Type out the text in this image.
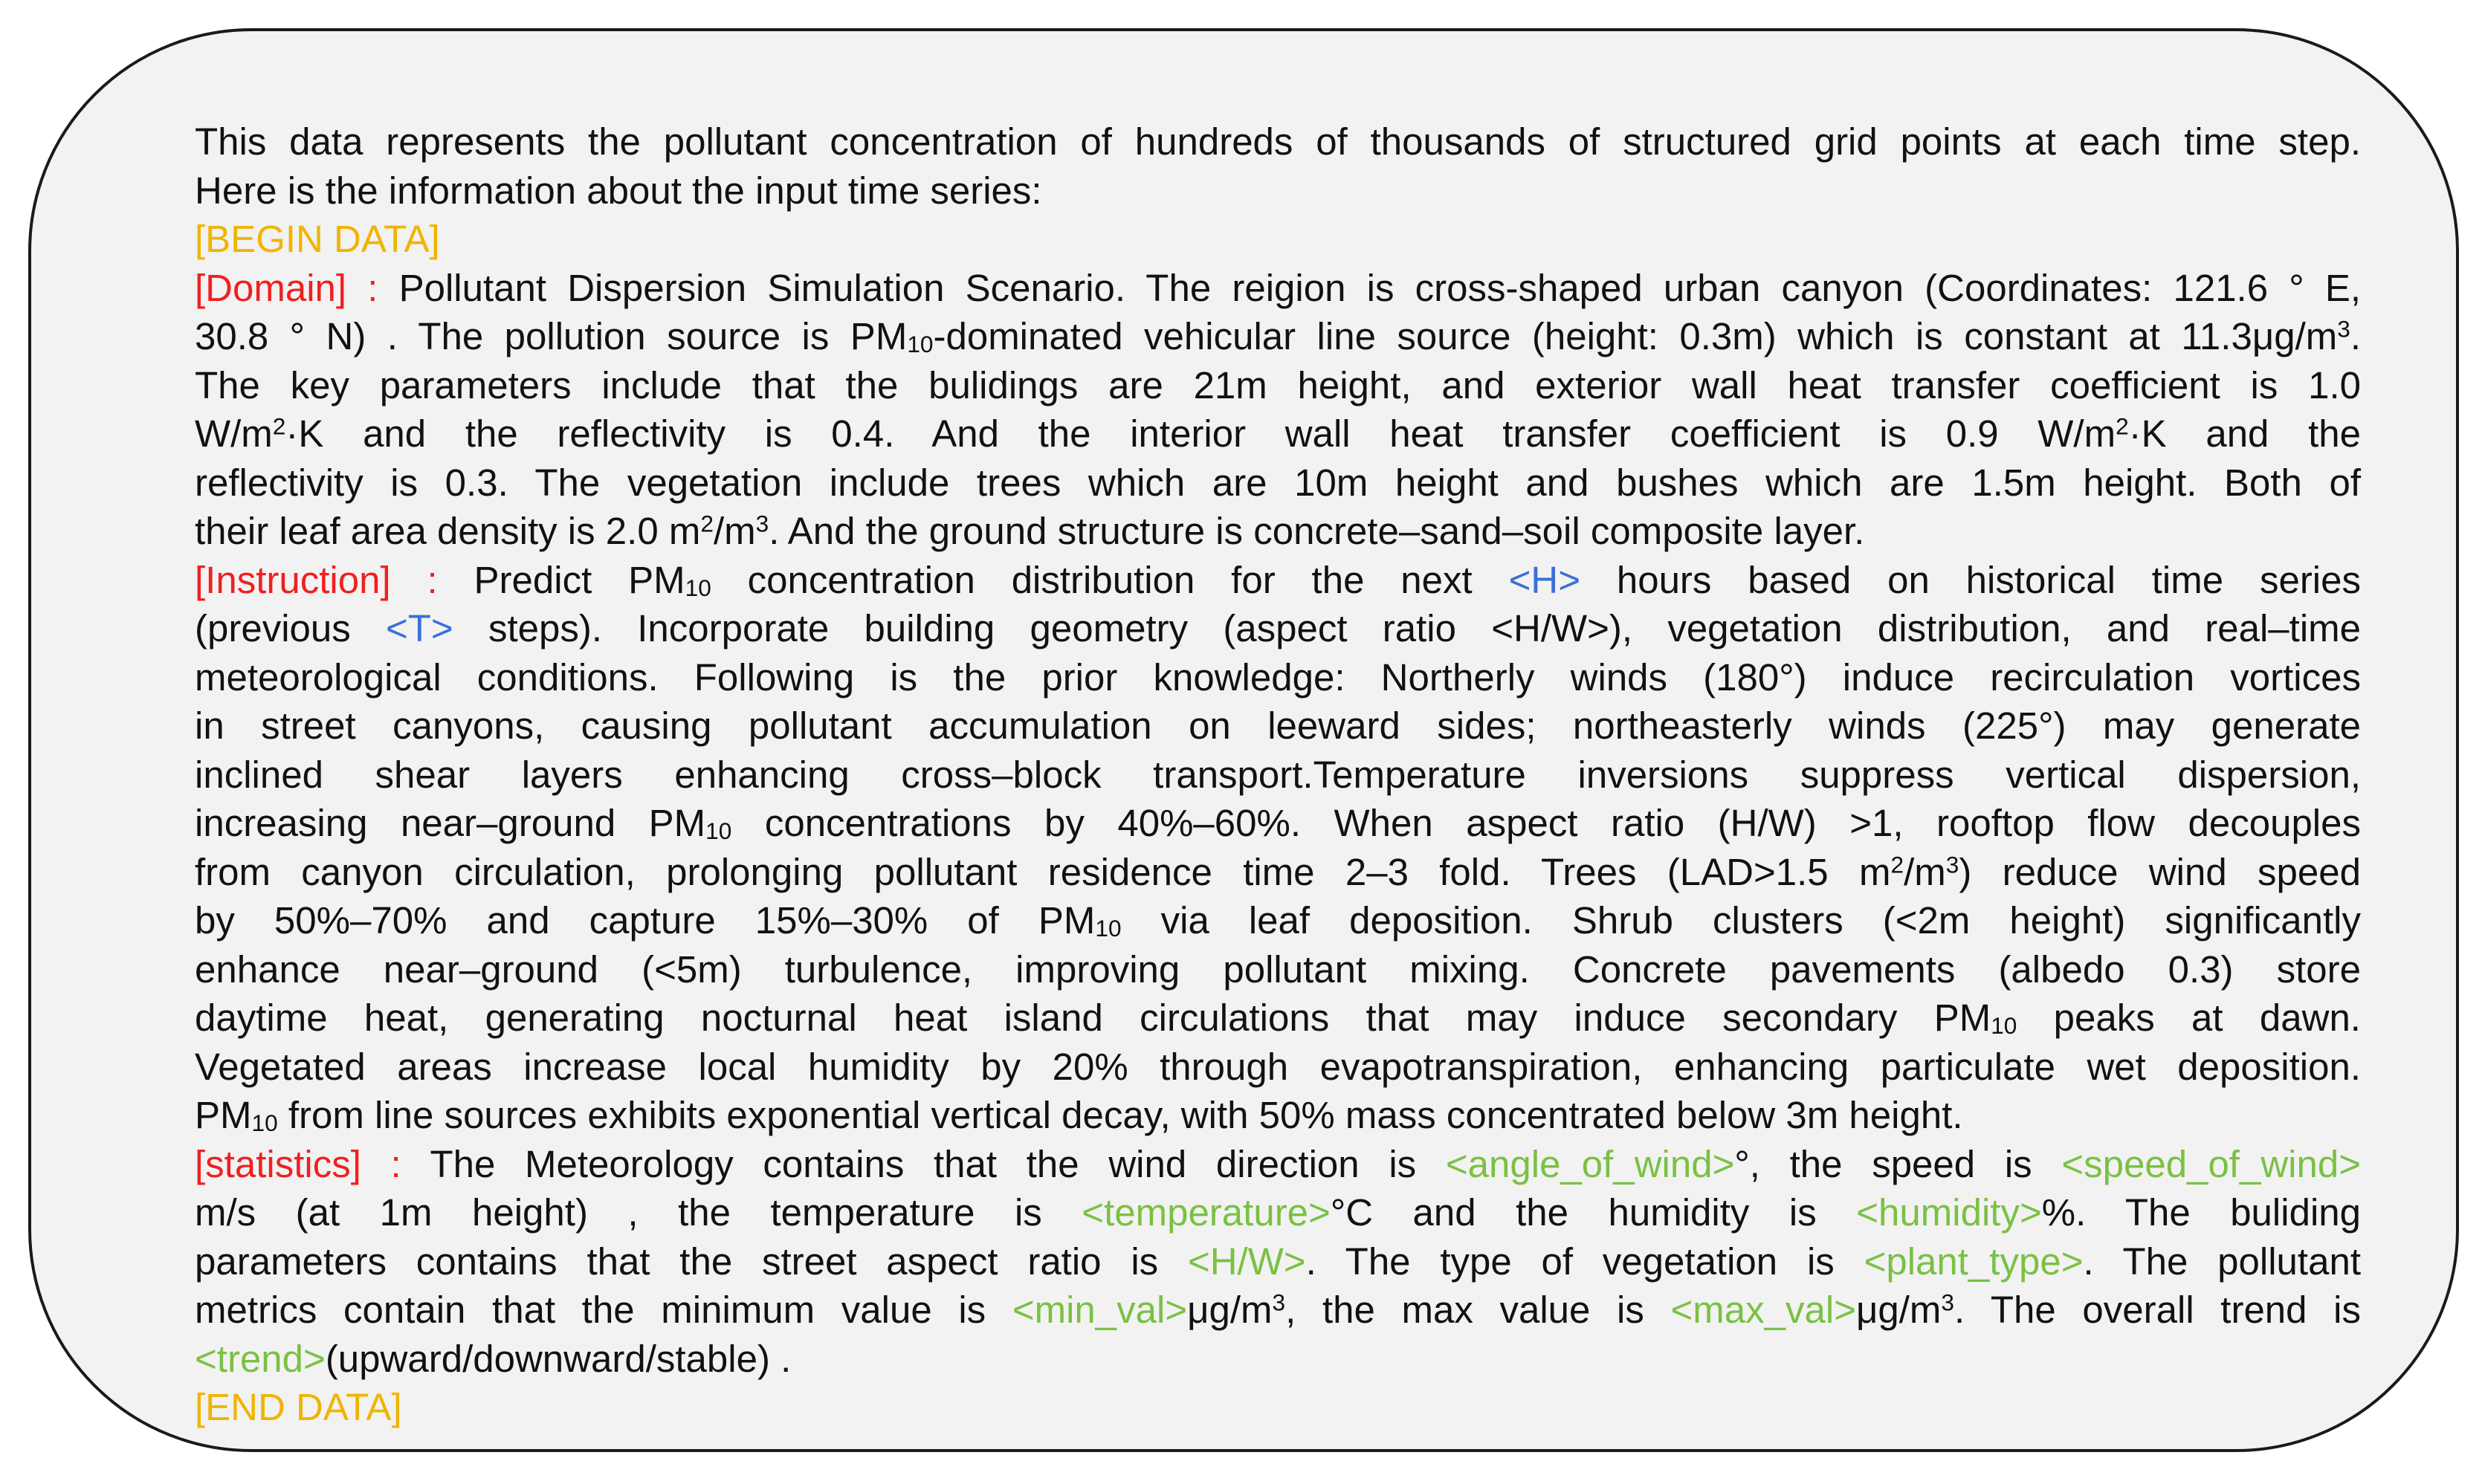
This data represents the pollutant concentration of hundreds of thousands of structured grid points at each time step.
Here is the information about the input time series:
[BEGIN DATA]
[Domain] : Pollutant Dispersion Simulation Scenario. The reigion is cross-shaped urban canyon (Coordinates: 121.6 ° E,
30.8 ° N) . The pollution source is PM10-dominated vehicular line source (height: 0.3m) which is constant at $11.3\mu g/m^3$.
The key parameters include that the bulidings are 21m height, and exterior wall heat transfer coefficient is 1.0
$W/m^2\cdot K$ and the reflectivity is 0.4. And the interior wall heat transfer coefficient is 0.9 $W/m^2\cdot K$ and the
reflectivity is 0.3. The vegetation include trees which are 10m height and bushes which are 1.5m height. Both of
their leaf area density is 2.0 $m^2/m^3$. And the ground structure is concrete–sand–soil composite layer.
[Instruction] : Predict PM10 concentration distribution for the next <H> hours based on historical time series
(previous <T> steps). Incorporate building geometry (aspect ratio <H/W>), vegetation distribution, and real–time
meteorological conditions. Following is the prior knowledge: Northerly winds (180°) induce recirculation vortices
in street canyons, causing pollutant accumulation on leeward sides; northeasterly winds (225°) may generate
inclined shear layers enhancing cross–block transport.Temperature inversions suppress vertical dispersion,
increasing near–ground PM10 concentrations by 40%–60%. When aspect ratio (H/W) >1, rooftop flow decouples
from canyon circulation, prolonging pollutant residence time 2–3 fold. Trees (LAD>1.5 $m^2/m^3$) reduce wind speed
by 50%–70% and capture 15%–30% of PM10 via leaf deposition. Shrub clusters (<2m height) significantly
enhance near–ground (<5m) turbulence, improving pollutant mixing. Concrete pavements (albedo 0.3) store
daytime heat, generating nocturnal heat island circulations that may induce secondary PM10 peaks at dawn.
Vegetated areas increase local humidity by 20% through evapotranspiration, enhancing particulate wet deposition.
PM10 from line sources exhibits exponential vertical decay, with 50% mass concentrated below 3m height.
[statistics] : The Meteorology contains that the wind direction is <angle_of_wind>°, the speed is <speed_of_wind>
m/s (at 1m height) , the temperature is <temperature>°C and the humidity is <humidity>%. The buliding
parameters contains that the street aspect ratio is <H/W>. The type of vegetation is <plant_type>. The pollutant
metrics contain that the minimum value is $<\min\_val>\mu g/m^3$, the max value is $<\max\_val>\mu g/m^3$. The overall trend is
<trend>(upward/downward/stable) .
[END DATA]
